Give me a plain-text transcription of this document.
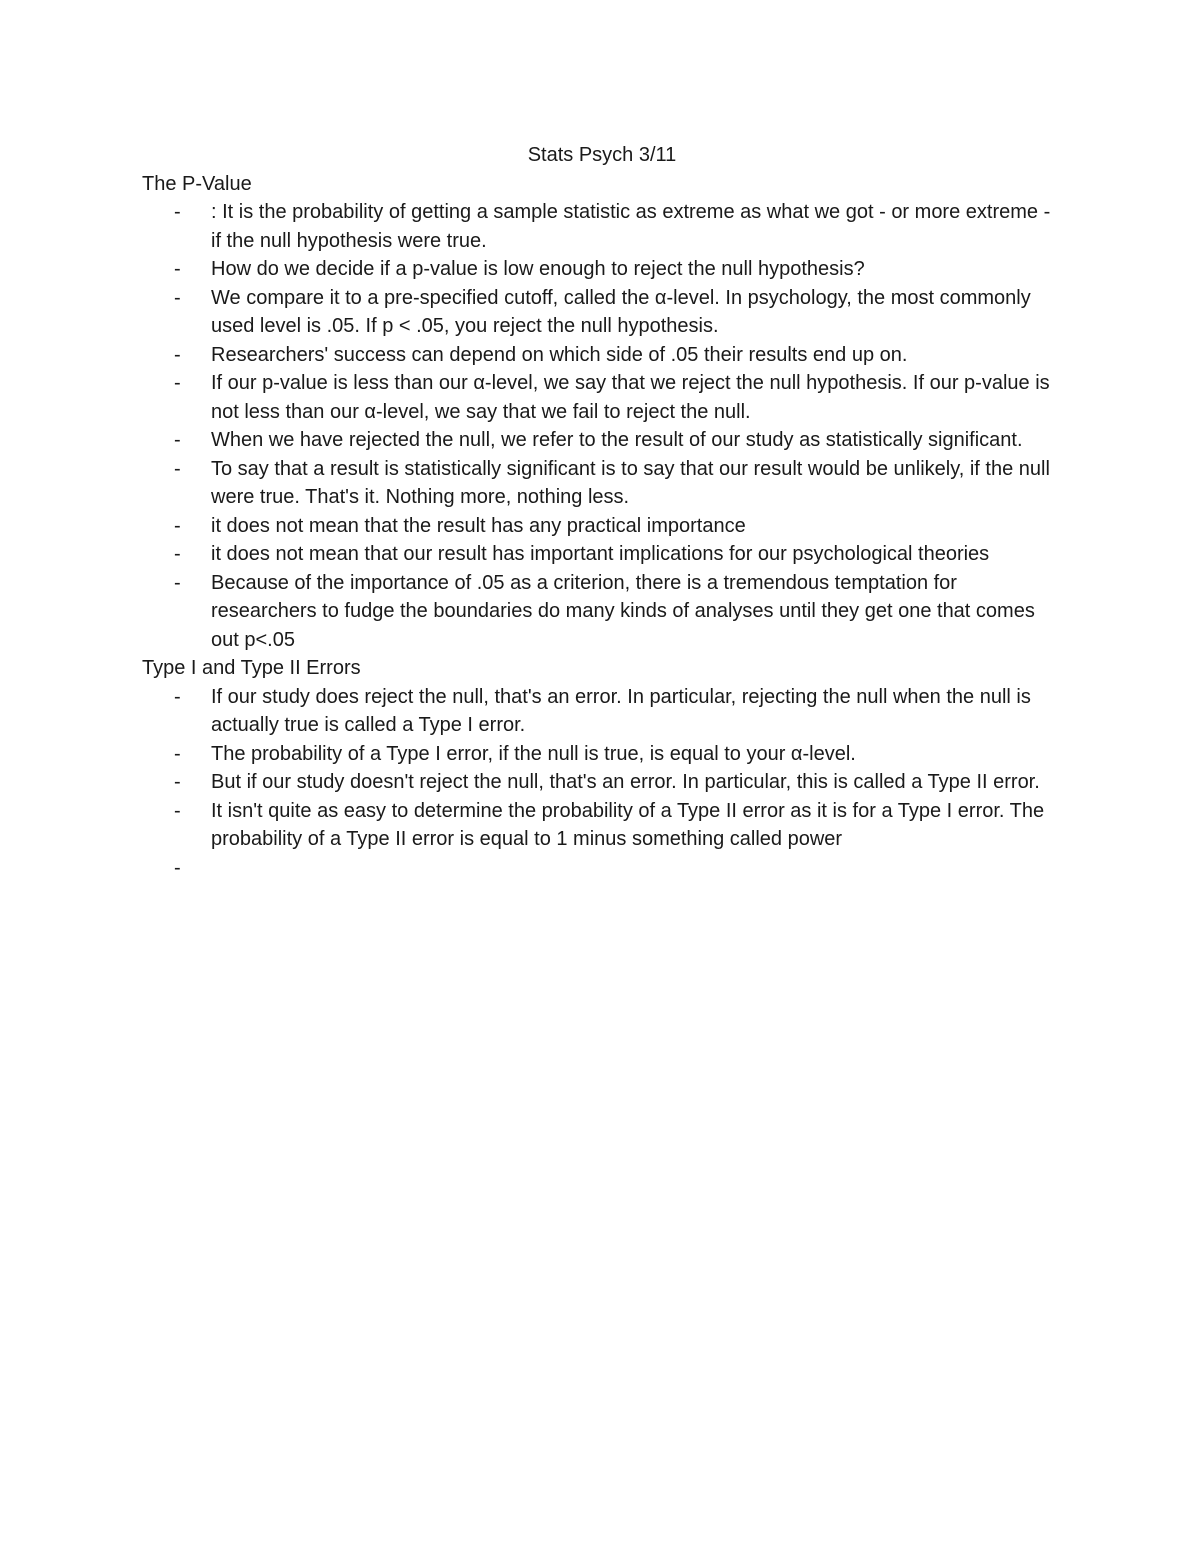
Stats Psych 3/11

The P-Value

- : It is the probability of getting a sample statistic as extreme as what we got - or more extreme - if the null hypothesis were true.
- How do we decide if a p-value is low enough to reject the null hypothesis?
- We compare it to a pre-specified cutoff, called the α-level. In psychology, the most commonly used level is .05. If p < .05, you reject the null hypothesis.
- Researchers' success can depend on which side of .05 their results end up on.
- If our p-value is less than our α-level, we say that we reject the null hypothesis. If our p-value is not less than our α-level, we say that we fail to reject the null.
- When we have rejected the null, we refer to the result of our study as statistically significant.
- To say that a result is statistically significant is to say that our result would be unlikely, if the null were true. That's it. Nothing more, nothing less.
- it does not mean that the result has any practical importance
- it does not mean that our result has important implications for our psychological theories
- Because of the importance of .05 as a criterion, there is a tremendous temptation for researchers to fudge the boundaries do many kinds of analyses until they get one that comes out p<.05

Type I and Type II Errors

- If our study does reject the null, that's an error. In particular, rejecting the null when the null is actually true is called a Type I error.
- The probability of a Type I error, if the null is true, is equal to your α-level.
- But if our study doesn't reject the null, that's an error. In particular, this is called a Type II error.
- It isn't quite as easy to determine the probability of a Type II error as it is for a Type I error. The probability of a Type II error is equal to 1 minus something called power
-
